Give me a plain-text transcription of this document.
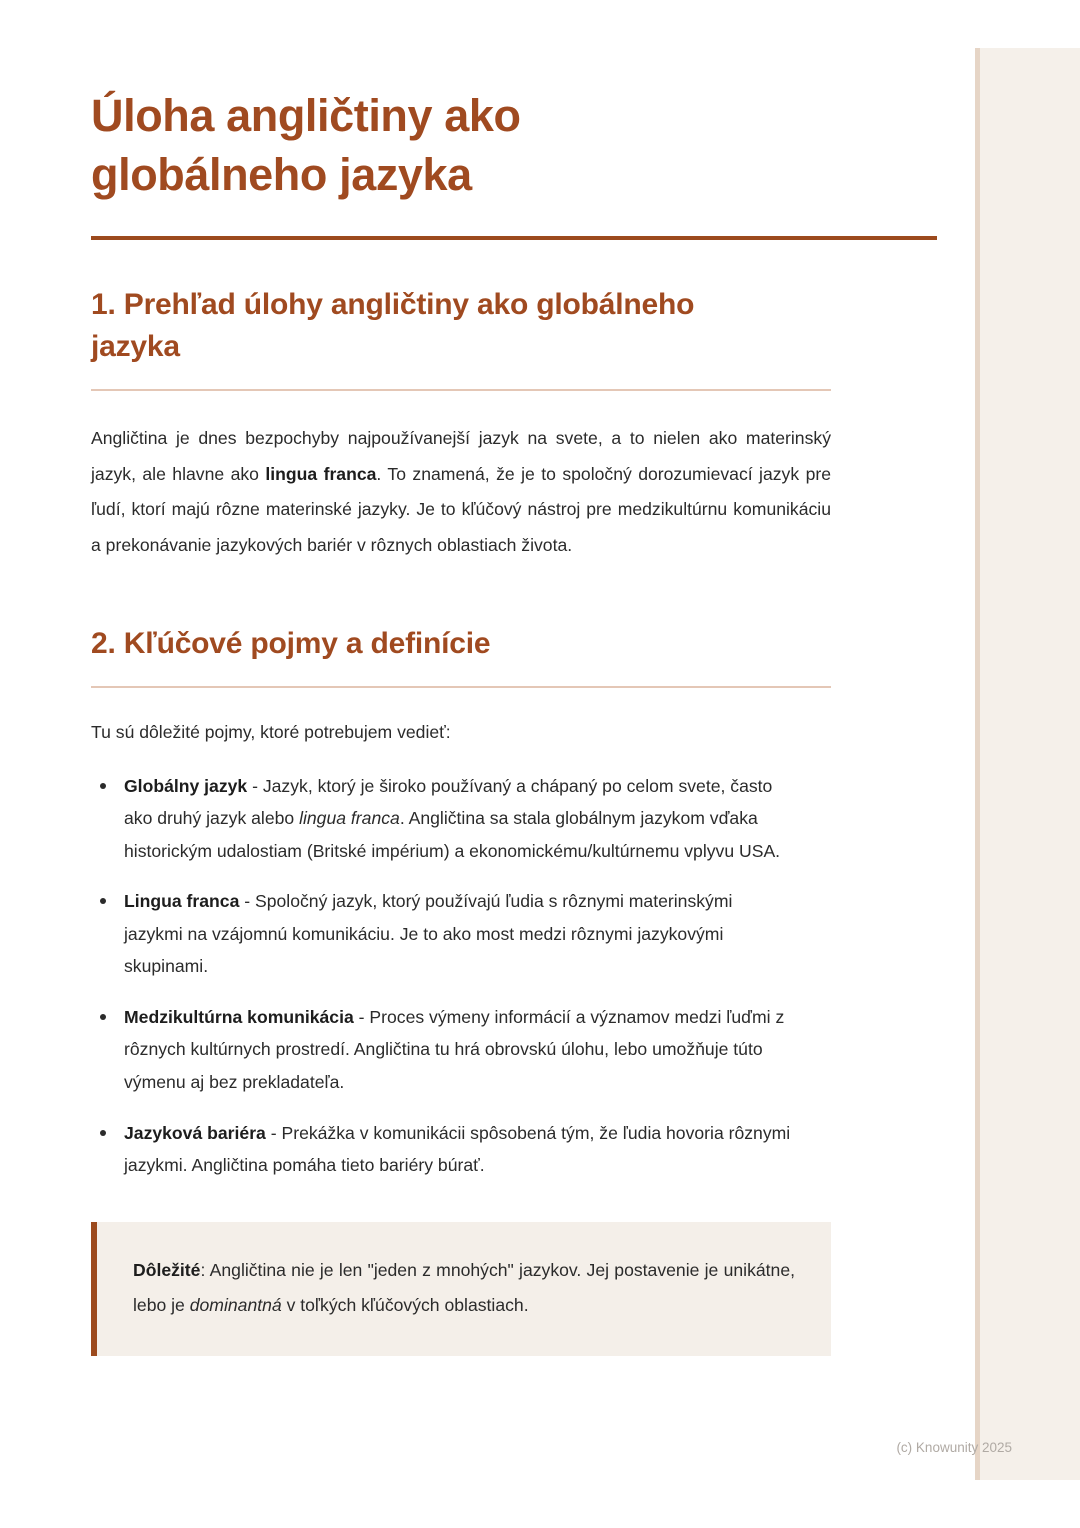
Úloha angličtiny ako globálneho jazyka
1. Prehľad úlohy angličtiny ako globálneho jazyka

Angličtina je dnes bezpochyby najpoužívanejší jazyk na svete, a to nielen ako materinský jazyk, ale hlavne ako lingua franca. To znamená, že je to spoločný dorozumievací jazyk pre ľudí, ktorí majú rôzne materinské jazyky. Je to kľúčový nástroj pre medzikultúrnu komunikáciu a prekonávanie jazykových bariér v rôznych oblastiach života.

2. Kľúčové pojmy a definície

Tu sú dôležité pojmy, ktoré potrebujem vedieť:

Globálny jazyk - Jazyk, ktorý je široko používaný a chápaný po celom svete, často ako druhý jazyk alebo lingua franca. Angličtina sa stala globálnym jazykom vďaka historickým udalostiam (Britské impérium) a ekonomickému/kultúrnemu vplyvu USA.
Lingua franca - Spoločný jazyk, ktorý používajú ľudia s rôznymi materinskými jazykmi na vzájomnú komunikáciu. Je to ako most medzi rôznymi jazykovými skupinami.
Medzikultúrna komunikácia - Proces výmeny informácií a významov medzi ľuďmi z rôznych kultúrnych prostredí. Angličtina tu hrá obrovskú úlohu, lebo umožňuje túto výmenu aj bez prekladateľa.
Jazyková bariéra - Prekážka v komunikácii spôsobená tým, že ľudia hovoria rôznymi jazykmi. Angličtina pomáha tieto bariéry búrať.

Dôležité: Angličtina nie je len "jeden z mnohých" jazykov. Jej postavenie je unikátne, lebo je dominantná v toľkých kľúčových oblastiach.

(c) Knowunity 2025
